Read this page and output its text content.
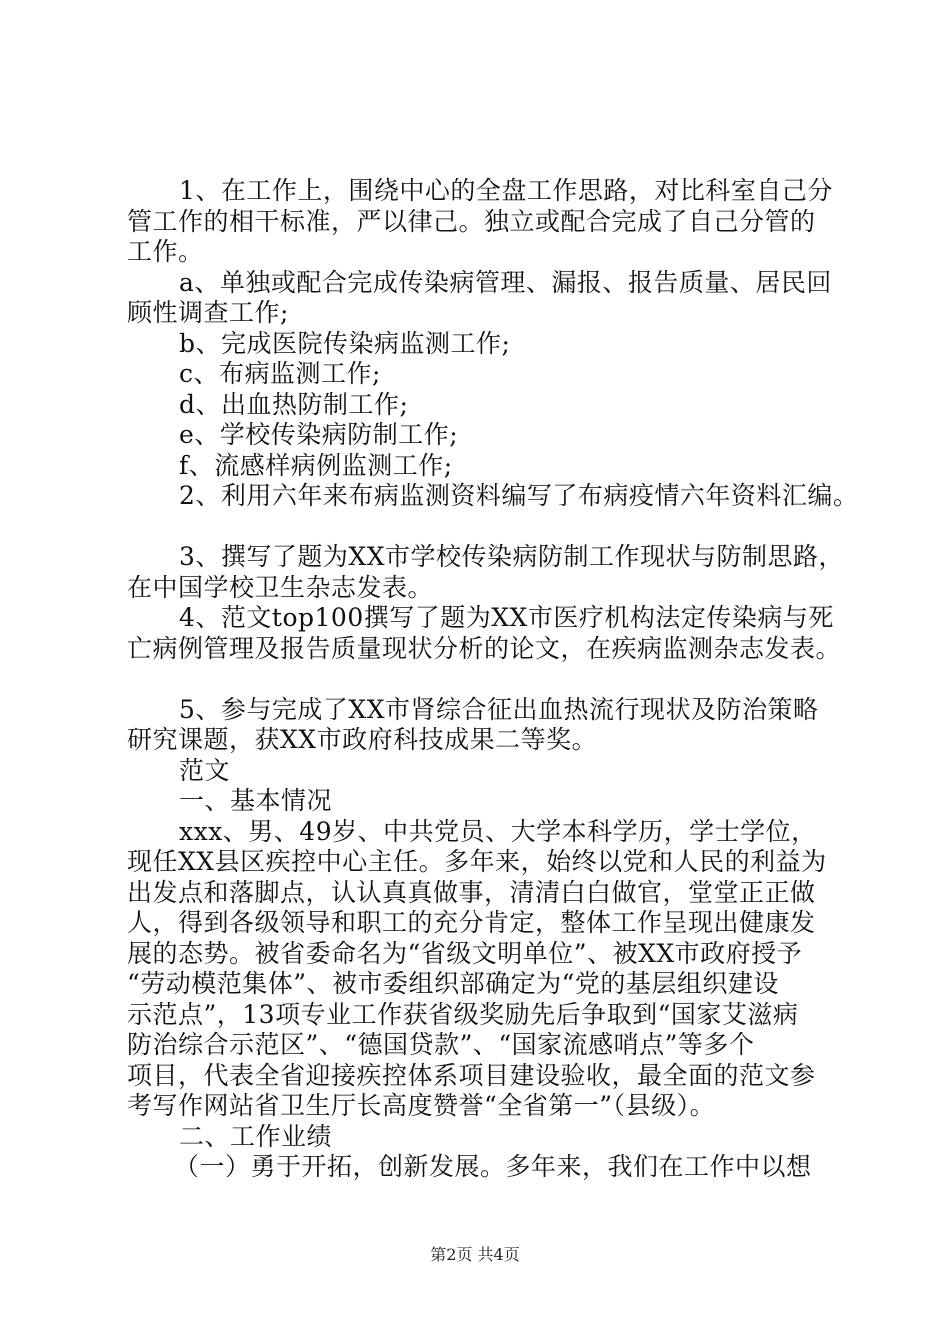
1、在工作上，围绕中心的全盘工作思路，对比科室自己分
管工作的相干标准，严以律己。独立或配合完成了自己分管的
工作。
a、单独或配合完成传染病管理、漏报、报告质量、居民回
顾性调查工作;
b、完成医院传染病监测工作;
c、布病监测工作;
d、出血热防制工作;
e、学校传染病防制工作;
f、流感样病例监测工作;
2、利用六年来布病监测资料编写了布病疫情六年资料汇编。
3、撰写了题为XX市学校传染病防制工作现状与防制思路，
在中国学校卫生杂志发表。
4、范文top100撰写了题为XX市医疗机构法定传染病与死
亡病例管理及报告质量现状分析的论文，在疾病监测杂志发表。
5、参与完成了XX市肾综合征出血热流行现状及防治策略
研究课题，获XX市政府科技成果二等奖。
范文
一、基本情况
xxx、男、49岁、中共党员、大学本科学历，学士学位，
现任XX县区疾控中心主任。多年来，始终以党和人民的利益为
出发点和落脚点，认认真真做事，清清白白做官，堂堂正正做
人，得到各级领导和职工的充分肯定，整体工作呈现出健康发
展的态势。被省委命名为“省级文明单位”、被XX市政府授予
“劳动模范集体”、被市委组织部确定为“党的基层组织建设
示范点”，13项专业工作获省级奖励先后争取到“国家艾滋病
防治综合示范区”、“德国贷款”、“国家流感哨点”等多个
项目，代表全省迎接疾控体系项目建设验收，最全面的范文参
考写作网站省卫生厅长高度赞誉“全省第一”（县级）。
二、工作业绩
（一）勇于开拓，创新发展。多年来，我们在工作中以想
第2页 共4页
